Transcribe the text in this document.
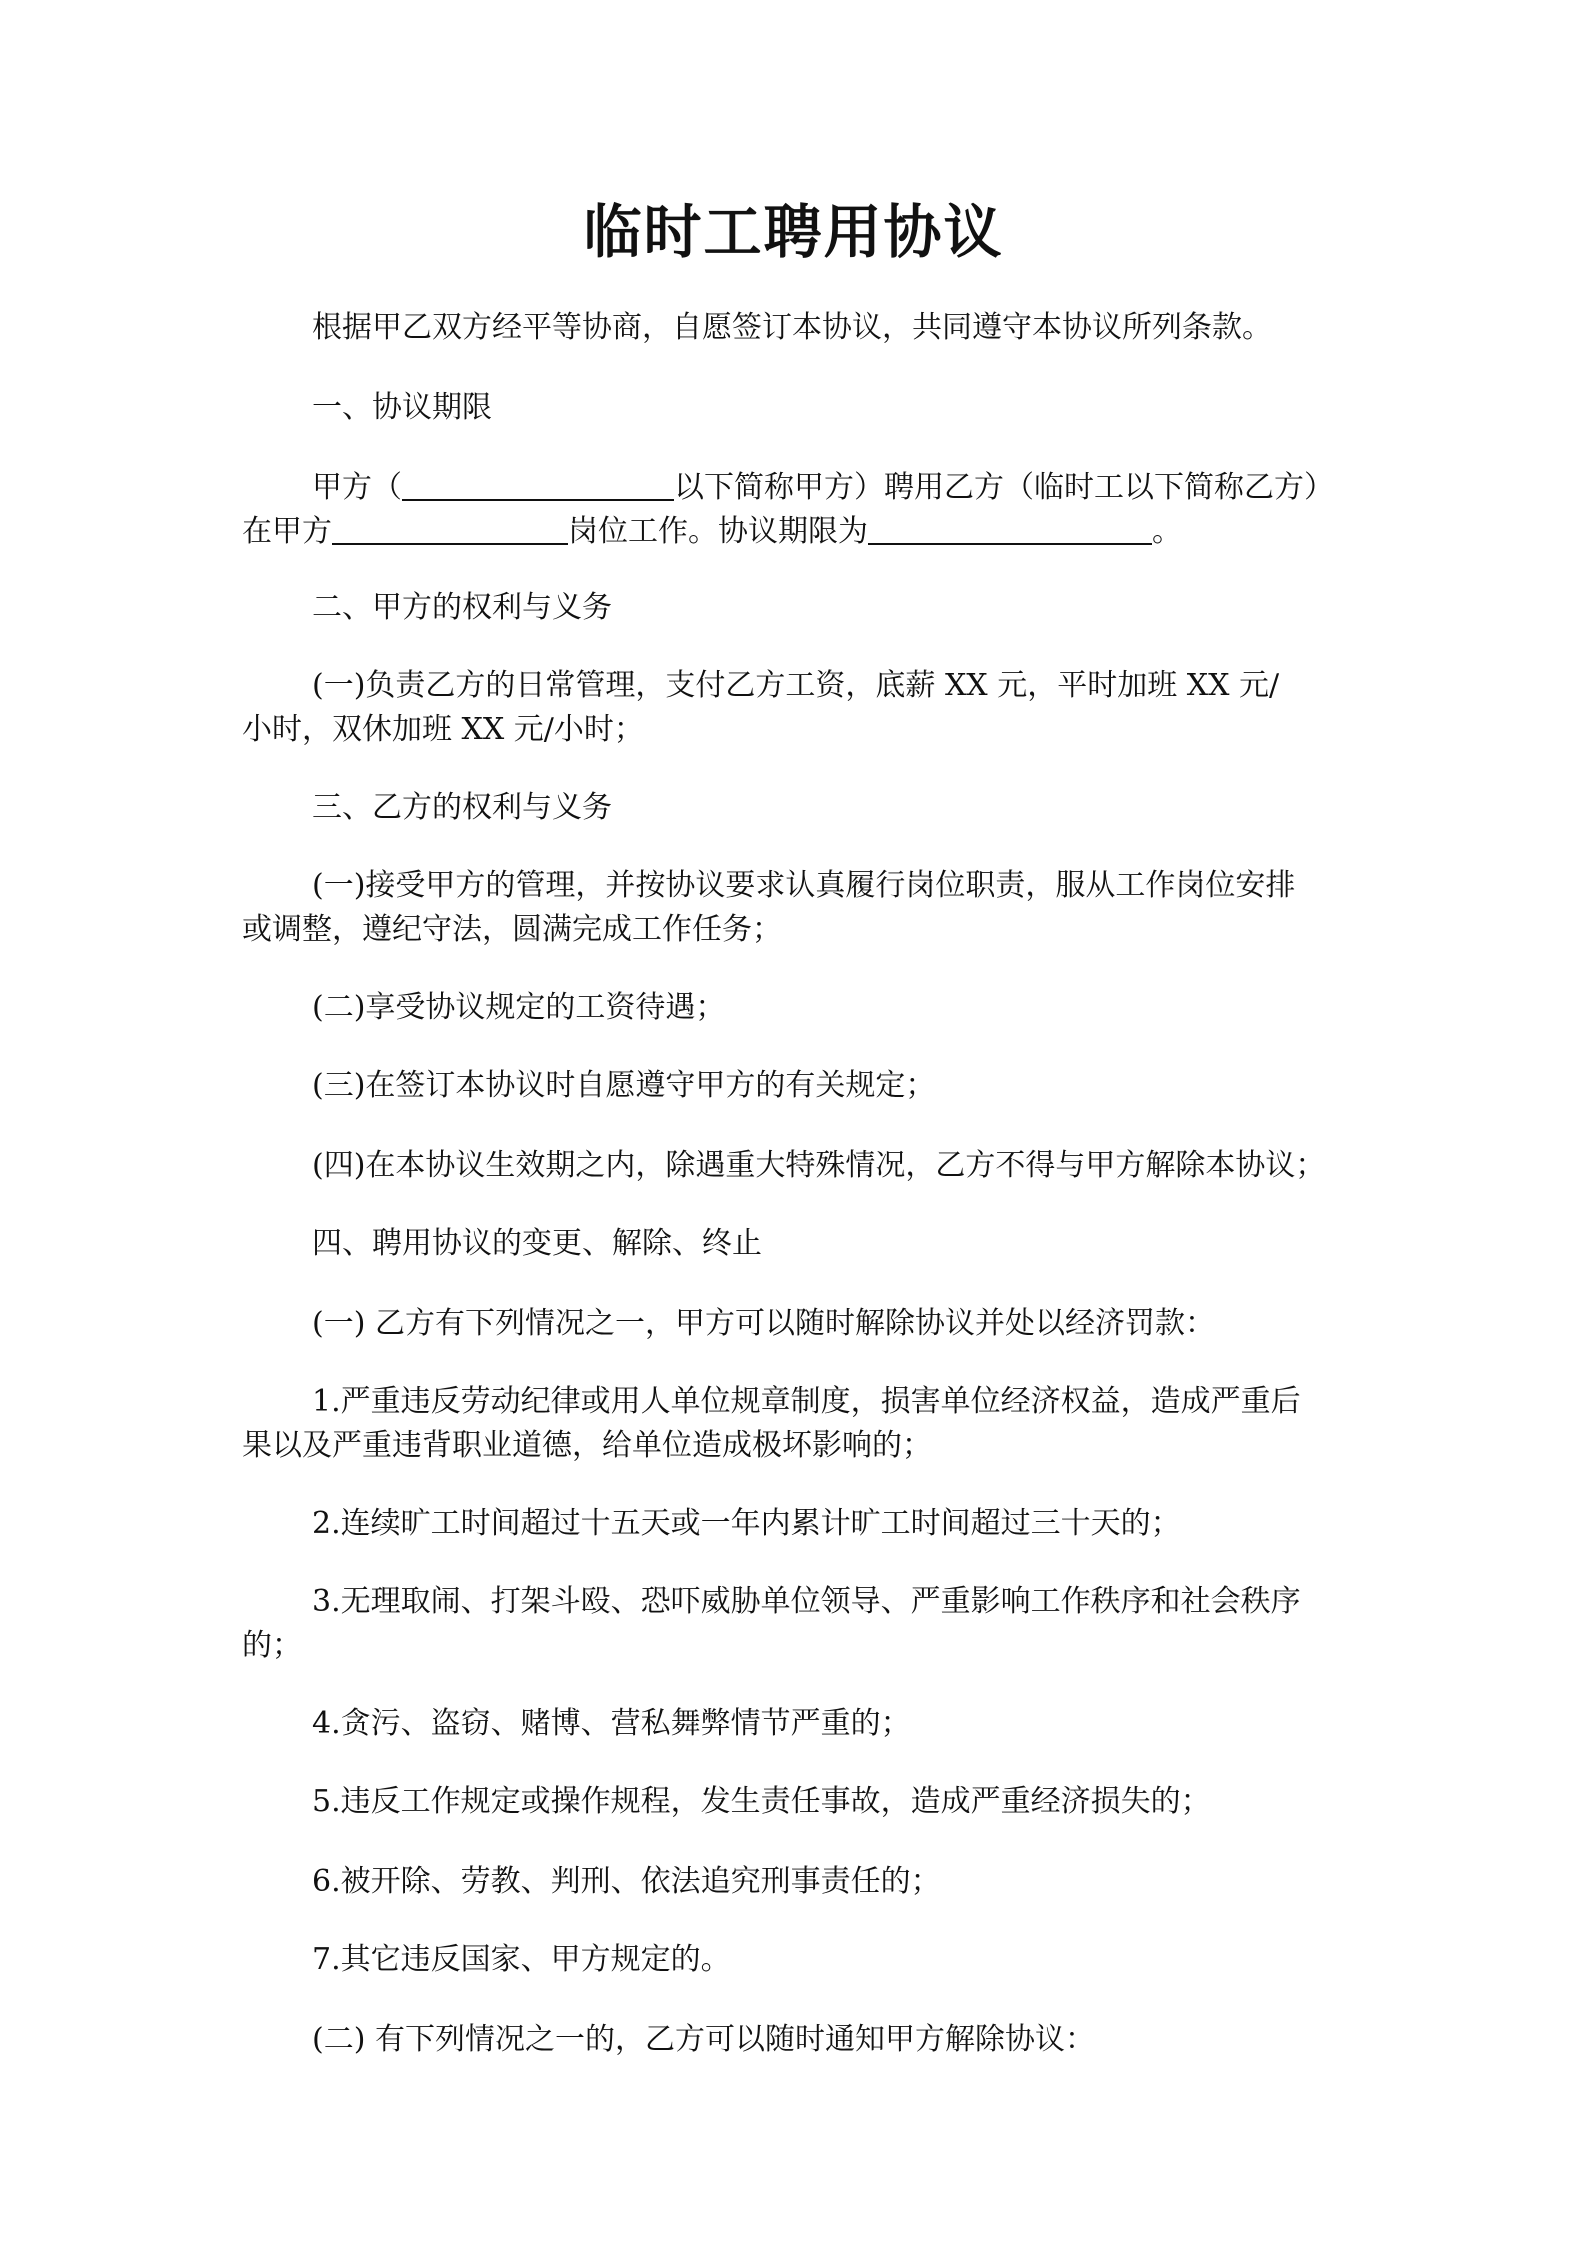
临时工聘用协议
根据甲乙双方经平等协商，自愿签订本协议，共同遵守本协议所列条款。
一、协议期限
甲方（	以下简称甲方）聘用乙方（临时工以下简称乙方）
在甲方	岗位工作。协议期限为	。
二、甲方的权利与义务
(一)负责乙方的日常管理，支付乙方工资，底薪 XX 元，平时加班 XX 元/
小时，双休加班 XX 元/小时；
三、乙方的权利与义务
(一)接受甲方的管理，并按协议要求认真履行岗位职责，服从工作岗位安排
或调整，遵纪守法，圆满完成工作任务；
(二)享受协议规定的工资待遇；
(三)在签订本协议时自愿遵守甲方的有关规定；
(四)在本协议生效期之内，除遇重大特殊情况，乙方不得与甲方解除本协议；
四、聘用协议的变更、解除、终止
(一) 乙方有下列情况之一，甲方可以随时解除协议并处以经济罚款：
1.严重违反劳动纪律或用人单位规章制度，损害单位经济权益，造成严重后
果以及严重违背职业道德，给单位造成极坏影响的；
2.连续旷工时间超过十五天或一年内累计旷工时间超过三十天的；
3.无理取闹、打架斗殴、恐吓威胁单位领导、严重影响工作秩序和社会秩序
的；
4.贪污、盗窃、赌博、营私舞弊情节严重的；
5.违反工作规定或操作规程，发生责任事故，造成严重经济损失的；
6.被开除、劳教、判刑、依法追究刑事责任的；
7.其它违反国家、甲方规定的。
(二) 有下列情况之一的，乙方可以随时通知甲方解除协议：
